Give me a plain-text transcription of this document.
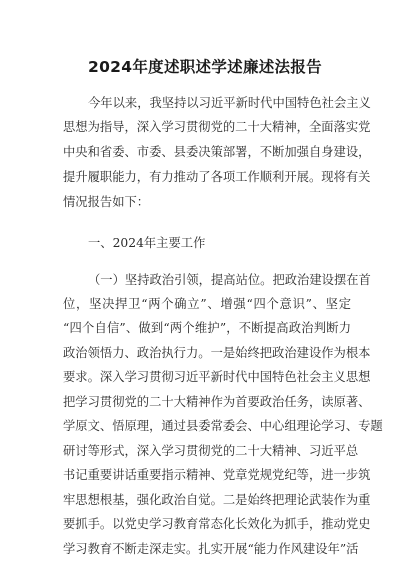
2024年度述职述学述廉述法报告
今年以来，我坚持以习近平新时代中国特色社会主义
思想为指导，深入学习贯彻党的二十大精神，全面落实党
中央和省委、市委、县委决策部署，不断加强自身建设，
提升履职能力，有力推动了各项工作顺利开展。现将有关
情况报告如下：
一、2024年主要工作
（一）坚持政治引领，提高站位。把政治建设摆在首
位，坚决捍卫“两个确立”、增强“四个意识”、坚定
“四个自信”、做到“两个维护”，不断提高政治判断力
政治领悟力、政治执行力。一是始终把政治建设作为根本
要求。深入学习贯彻习近平新时代中国特色社会主义思想
把学习贯彻党的二十大精神作为首要政治任务，读原著、
学原文、悟原理，通过县委常委会、中心组理论学习、专题
研讨等形式，深入学习贯彻党的二十大精神、习近平总
书记重要讲话重要指示精神、党章党规党纪等，进一步筑
牢思想根基，强化政治自觉。二是始终把理论武装作为重
要抓手。以党史学习教育常态化长效化为抓手，推动党史
学习教育不断走深走实。扎实开展“能力作风建设年”活
